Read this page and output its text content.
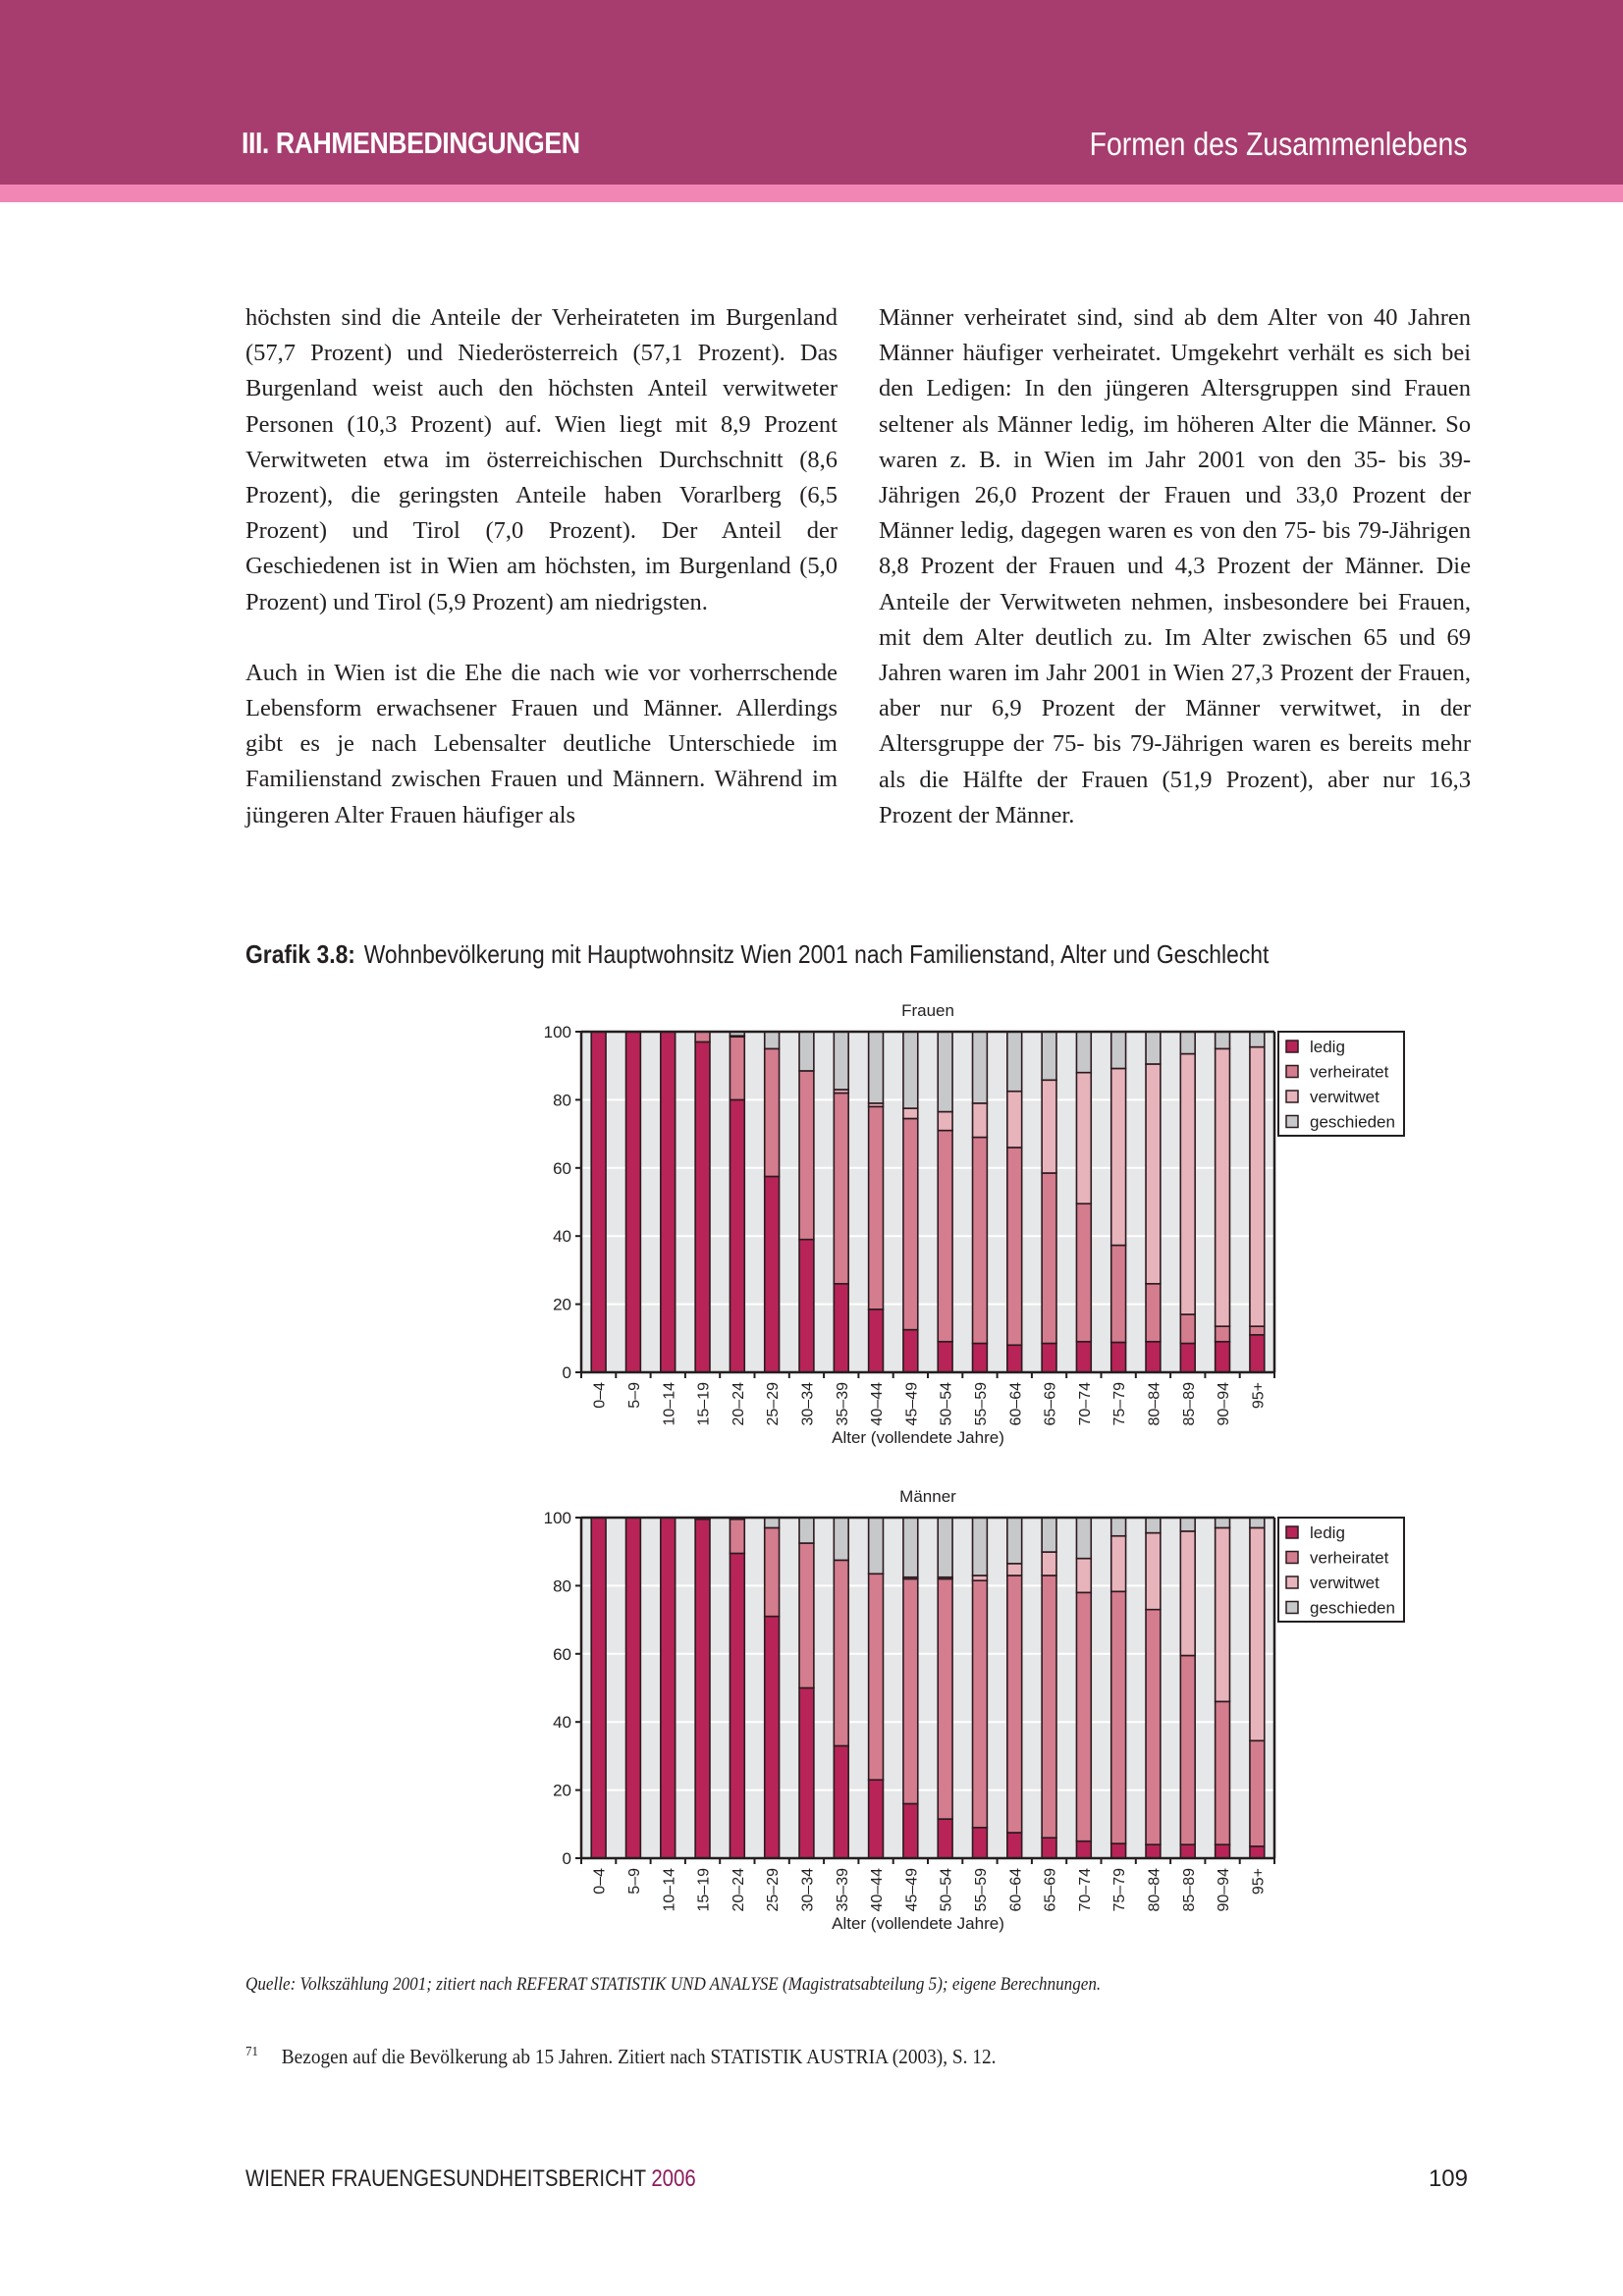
III. RAHMENBEDINGUNGEN	Formen des Zusammenlebens

höchsten sind die Anteile der Verheirateten im Burgenland (57,7 Prozent) und Niederösterreich (57,1 Prozent). Das Burgenland weist auch den höchsten Anteil verwitweter Personen (10,3 Prozent) auf. Wien liegt mit 8,9 Prozent Verwitweten etwa im österreichischen Durchschnitt (8,6 Prozent), die geringsten Anteile haben Vorarlberg (6,5 Prozent) und Tirol (7,0 Prozent). Der Anteil der Geschiedenen ist in Wien am höchsten, im Burgenland (5,0 Prozent) und Tirol (5,9 Prozent) am niedrigsten.

Auch in Wien ist die Ehe die nach wie vor vorherrschende Lebensform erwachsener Frauen und Männer. Allerdings gibt es je nach Lebensalter deutliche Unterschiede im Familienstand zwischen Frauen und Männern. Während im jüngeren Alter Frauen häufiger als

Männer verheiratet sind, sind ab dem Alter von 40 Jahren Männer häufiger verheiratet. Umgekehrt verhält es sich bei den Ledigen: In den jüngeren Altersgruppen sind Frauen seltener als Männer ledig, im höheren Alter die Männer. So waren z. B. in Wien im Jahr 2001 von den 35- bis 39-Jährigen 26,0 Prozent der Frauen und 33,0 Prozent der Männer ledig, dagegen waren es von den 75- bis 79-Jährigen 8,8 Prozent der Frauen und 4,3 Prozent der Männer. Die Anteile der Verwitweten nehmen, insbesondere bei Frauen, mit dem Alter deutlich zu. Im Alter zwischen 65 und 69 Jahren waren im Jahr 2001 in Wien 27,3 Prozent der Frauen, aber nur 6,9 Prozent der Männer verwitwet, in der Altersgruppe der 75- bis 79-Jährigen waren es bereits mehr als die Hälfte der Frauen (51,9 Prozent), aber nur 16,3 Prozent der Männer.

Grafik 3.8: Wohnbevölkerung mit Hauptwohnsitz Wien 2001 nach Familienstand, Alter und Geschlecht
Frauen
0
20
40
60
80
100
0–4 5–9 10–14 15–19 20–24 25–29 30–34 35–39 40–44 45–49 50–54 55–59 60–64 65–69 70–74 75–79 80–84 85–89 90–94 95+
Alter (vollendete Jahre)
ledig
verheiratet
verwitwet
geschieden
Männer
0
20
40
60
80
100
0–4 5–9 10–14 15–19 20–24 25–29 30–34 35–39 40–44 45–49 50–54 55–59 60–64 65–69 70–74 75–79 80–84 85–89 90–94 95+
Alter (vollendete Jahre)
ledig
verheiratet
verwitwet
geschieden
Quelle: Volkszählung 2001; zitiert nach REFERAT STATISTIK UND ANALYSE (Magistratsabteilung 5); eigene Berechnungen.
$^{71}$ Bezogen auf die Bevölkerung ab 15 Jahren. Zitiert nach STATISTIK AUSTRIA (2003), S. 12.
WIENER FRAUENGESUNDHEITSBERICHT 2006	109
